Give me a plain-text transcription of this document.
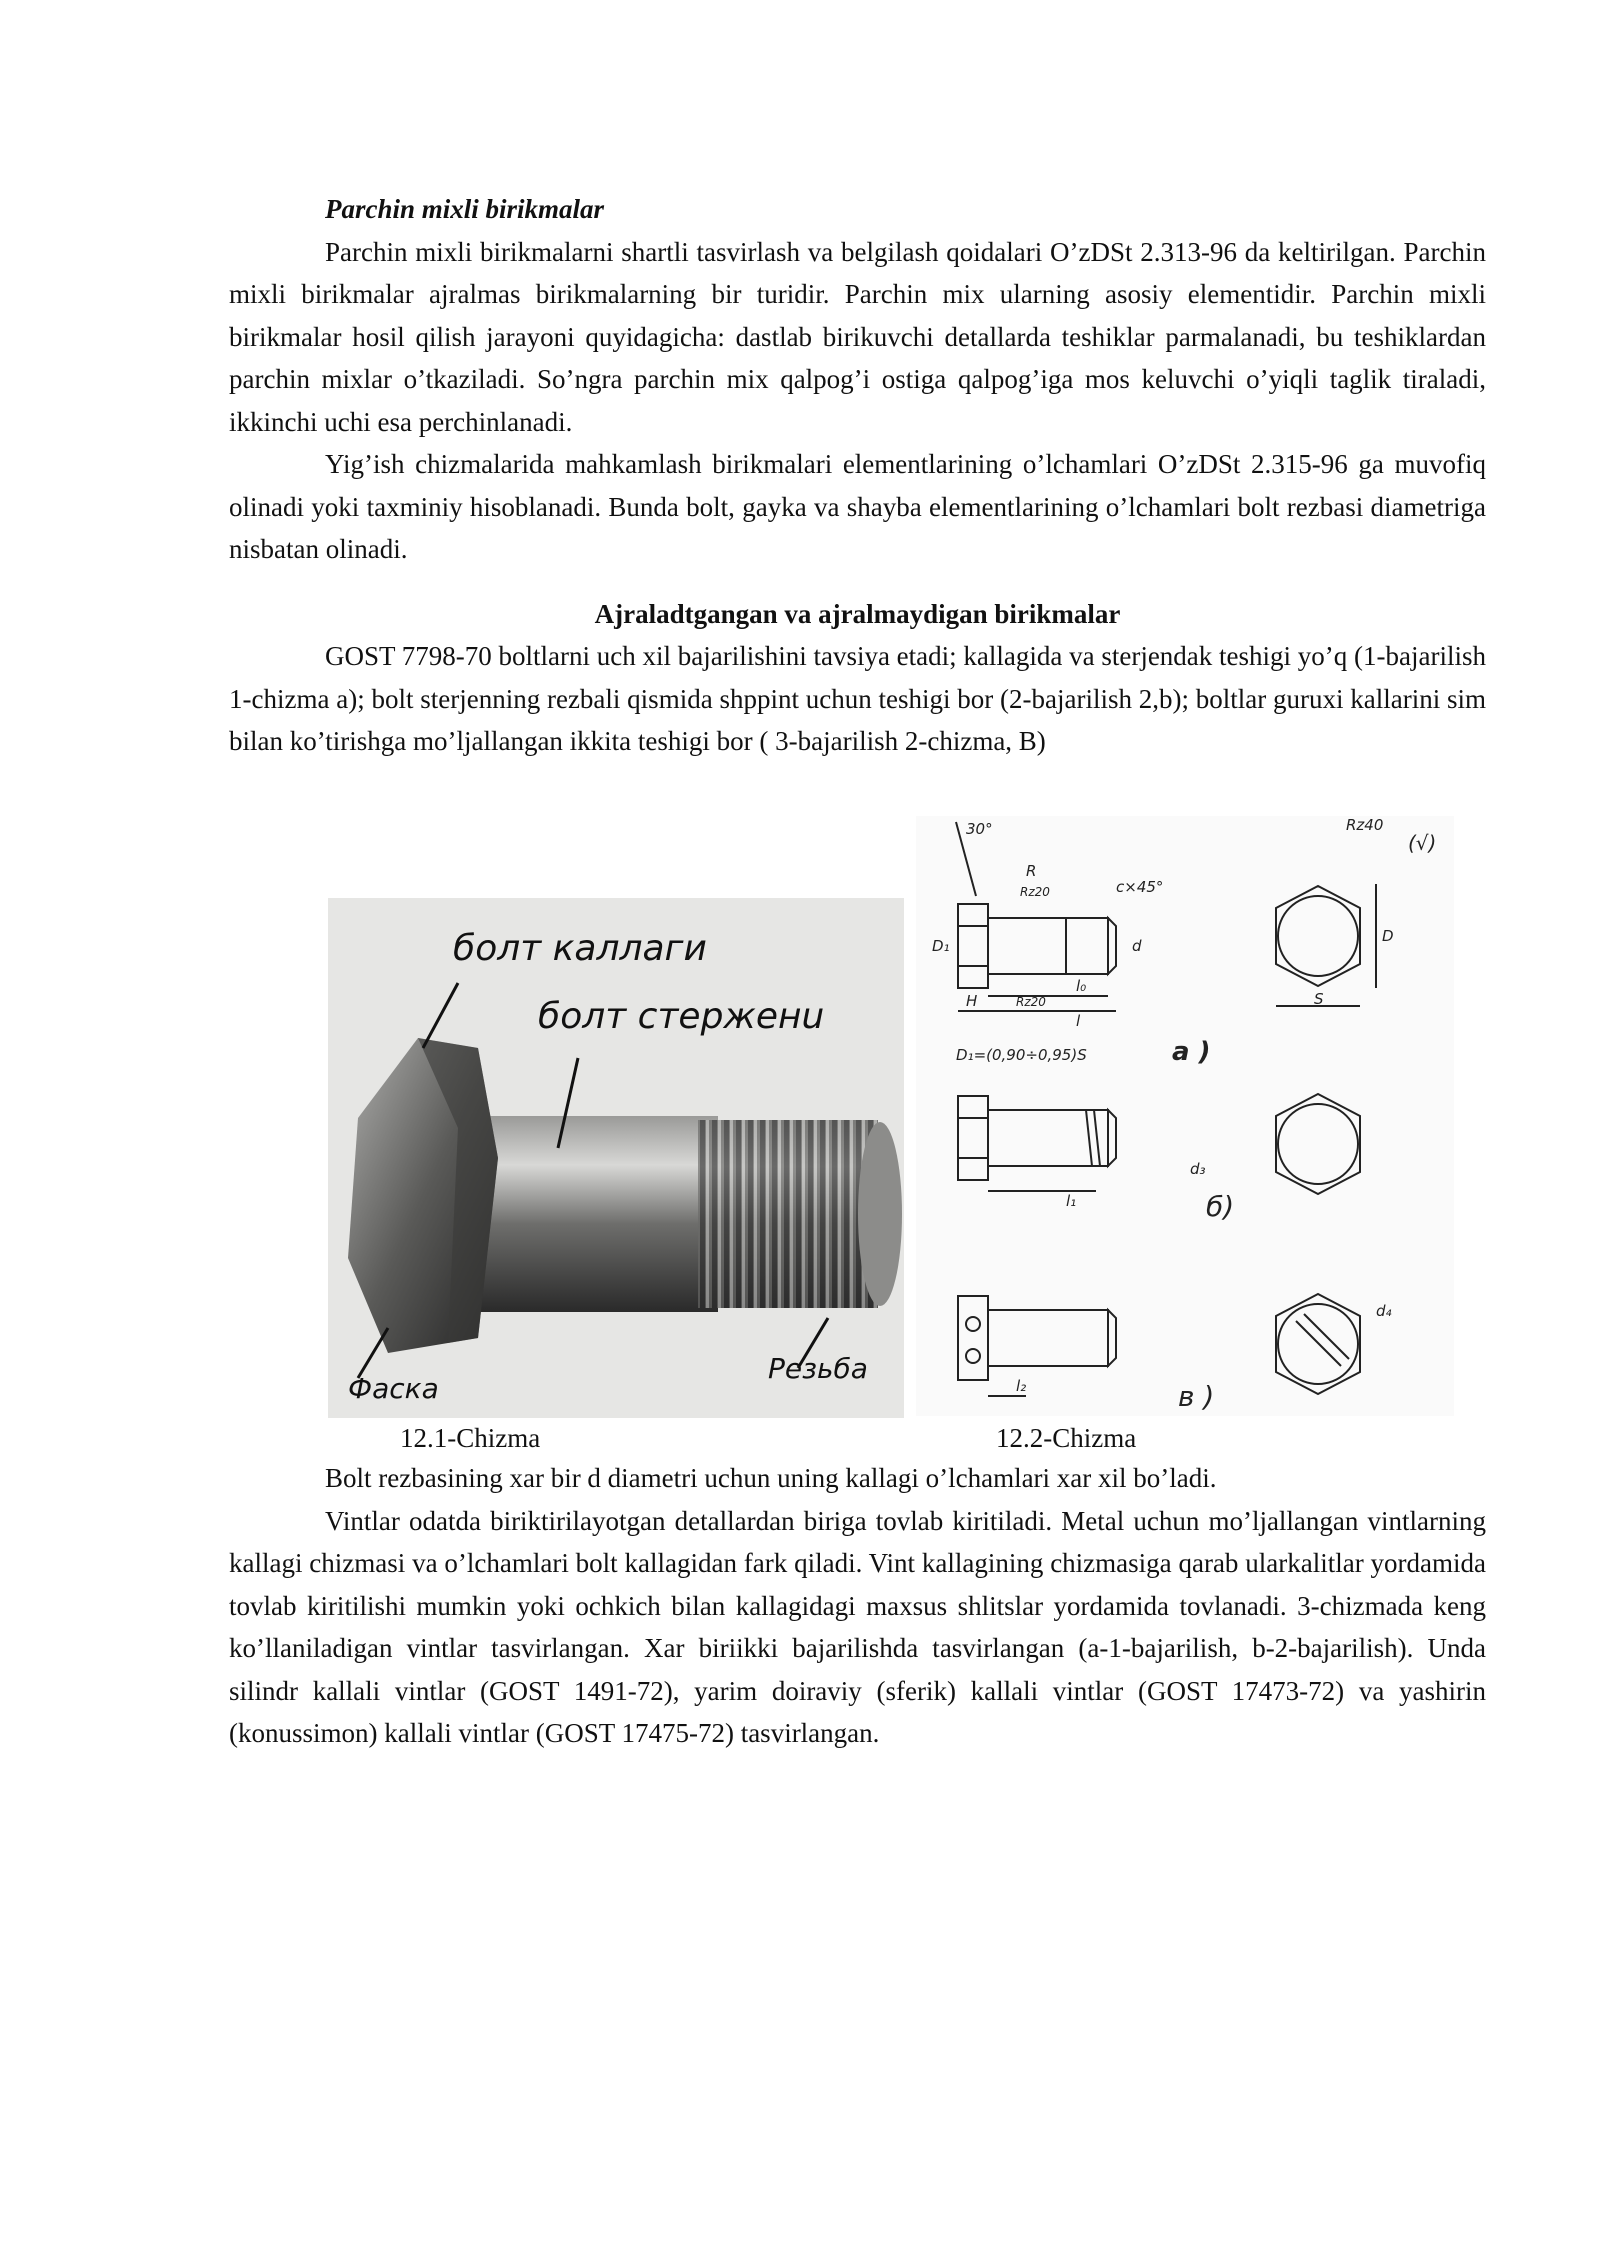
Parchin mixli birikmalar

Parchin mixli birikmalarni shartli tasvirlash va belgilash qoidalari O’zDSt 2.313-96 da keltirilgan. Parchin mixli birikmalar ajralmas birikmalarning bir turidir. Parchin mix ularning asosiy elementidir. Parchin mixli birikmalar hosil qilish jarayoni quyidagicha: dastlab birikuvchi detallarda teshiklar parmalanadi, bu teshiklardan parchin mixlar o’tkaziladi. So’ngra parchin mix qalpog’i ostiga qalpog’iga mos keluvchi o’yiqli taglik tiraladi, ikkinchi uchi esa perchinlanadi.

Yig’ish chizmalarida mahkamlash birikmalari elementlarining o’lchamlari O’zDSt 2.315-96 ga muvofiq olinadi yoki taxminiy hisoblanadi. Bunda bolt, gayka va shayba elementlarining o’lchamlari bolt rezbasi diametriga nisbatan olinadi.

Ajraladtgangan va ajralmaydigan birikmalar

GOST 7798-70 boltlarni uch xil bajarilishini tavsiya etadi; kallagida va sterjendak teshigi yo’q (1-bajarilish 1-chizma a); bolt sterjenning rezbali qismida shppint uchun teshigi bor (2-bajarilish 2,b); boltlar guruxi kallarini sim bilan ko’tirishga mo’ljallangan ikkita teshigi bor ( 3-bajarilish 2-chizma, B)

болт каллаги
болт стерженu
Фаска
Резьба
30°	Rz40
(√)
R
Rz20
Rz20
c×45°
D₁	d
D
l₀
l
H	S
D₁=(0,90÷0,95)S	a )
l₁
d₃
б)
d₄
l₂	в )
12.1-Chizma	12.2-Chizma

Bolt rezbasining xar bir d diametri uchun uning kallagi o’lchamlari xar xil bo’ladi.

Vintlar odatda biriktirilayotgan detallardan biriga tovlab kiritiladi. Metal uchun mo’ljallangan vintlarning kallagi chizmasi va o’lchamlari bolt kallagidan fark qiladi. Vint kallagining chizmasiga qarab ularkalitlar yordamida tovlab kiritilishi mumkin yoki ochkich bilan kallagidagi maxsus shlitslar yordamida tovlanadi. 3-chizmada keng ko’llaniladigan vintlar tasvirlangan. Xar biriikki bajarilishda tasvirlangan (a-1-bajarilish, b-2-bajarilish). Unda silindr kallali vintlar (GOST 1491-72), yarim doiraviy (sferik) kallali vintlar (GOST 17473-72) va yashirin (konussimon) kallali vintlar (GOST 17475-72) tasvirlangan.
